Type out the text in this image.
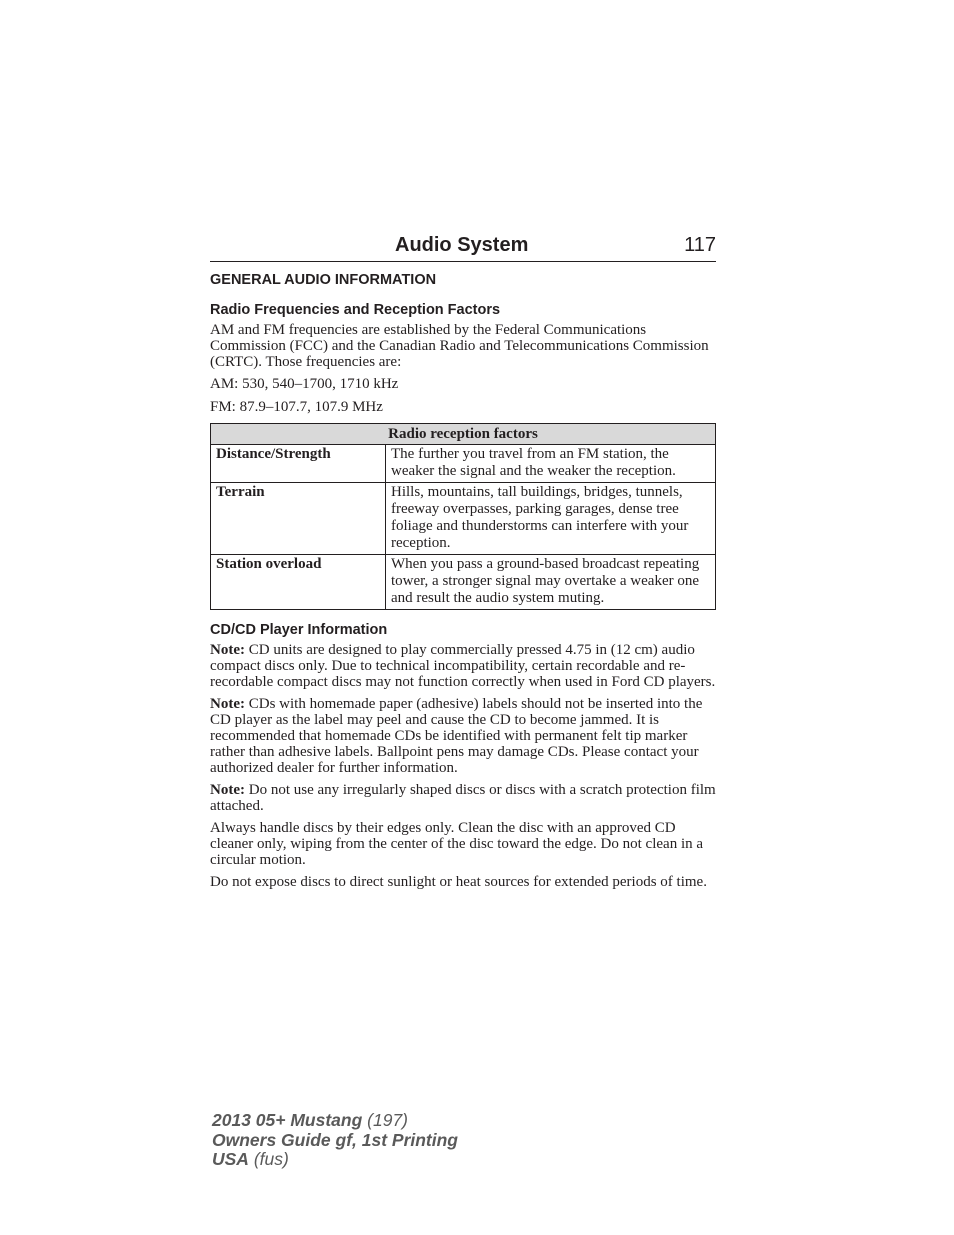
Audio System	117
GENERAL AUDIO INFORMATION
Radio Frequencies and Reception Factors

AM and FM frequencies are established by the Federal Communications Commission (FCC) and the Canadian Radio and Telecommunications Commission (CRTC). Those frequencies are:

AM: 530, 540–1700, 1710 kHz

FM: 87.9–107.7, 107.9 MHz

Radio reception factors	
Distance/Strength	The further you travel from an FM station, the weaker the signal and the weaker the reception.
Terrain	Hills, mountains, tall buildings, bridges, tunnels, freeway overpasses, parking garages, dense tree foliage and thunderstorms can interfere with your reception.
Station overload	When you pass a ground-based broadcast repeating tower, a stronger signal may overtake a weaker one and result the audio system muting.
CD/CD Player Information

Note: CD units are designed to play commercially pressed 4.75 in (12 cm) audio compact discs only. Due to technical incompatibility, certain recordable and re-recordable compact discs may not function correctly when used in Ford CD players.

Note: CDs with homemade paper (adhesive) labels should not be inserted into the CD player as the label may peel and cause the CD to become jammed. It is recommended that homemade CDs be identified with permanent felt tip marker rather than adhesive labels. Ballpoint pens may damage CDs. Please contact your authorized dealer for further information.

Note: Do not use any irregularly shaped discs or discs with a scratch protection film attached.

Always handle discs by their edges only. Clean the disc with an approved CD cleaner only, wiping from the center of the disc toward the edge. Do not clean in a circular motion.

Do not expose discs to direct sunlight or heat sources for extended periods of time.

2013 05+ Mustang (197)
Owners Guide gf, 1st Printing
USA (fus)
